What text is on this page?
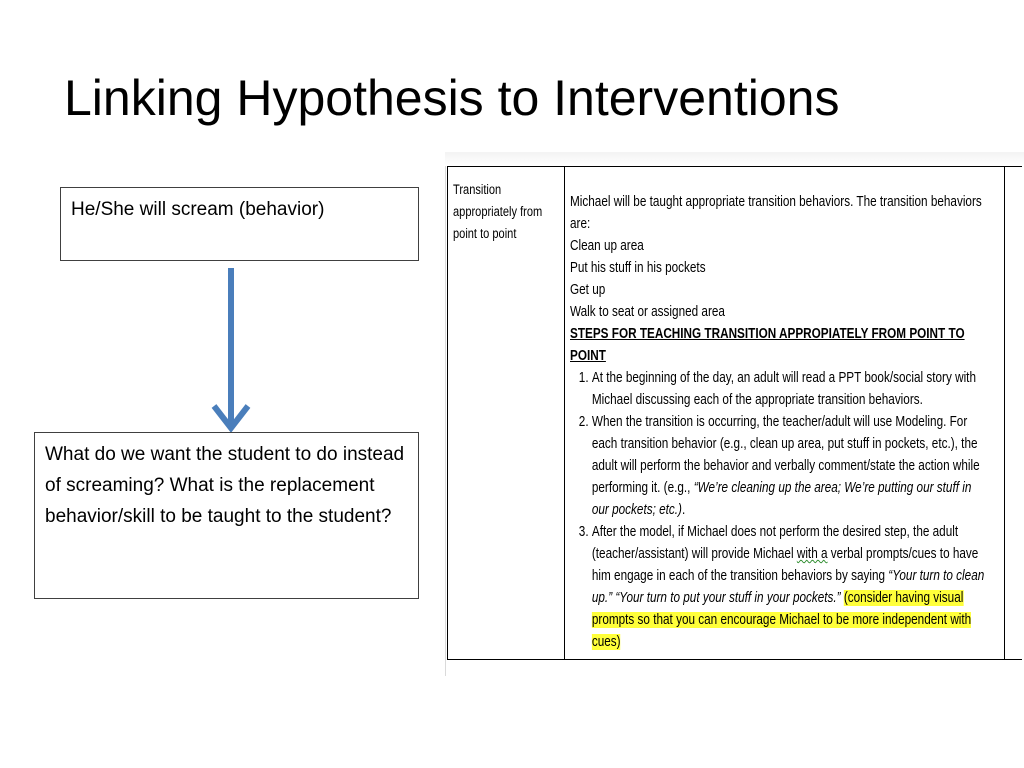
Linking Hypothesis to Interventions
He/She will scream (behavior)
What do we want the student to do instead of screaming? What is the replacement behavior/skill to be taught to the student?
Transition appropriately from point to point

Michael will be taught appropriate transition behaviors. The transition behaviors are:

Clean up area

Put his stuff in his pockets

Get up

Walk to seat or assigned area

STEPS FOR TEACHING TRANSITION APPROPIATELY FROM POINT TO POINT

1. At the beginning of the day, an adult will read a PPT book/social story with Michael discussing each of the appropriate transition behaviors.
2. When the transition is occurring, the teacher/adult will use Modeling. For each transition behavior (e.g., clean up area, put stuff in pockets, etc.), the adult will perform the behavior and verbally comment/state the action while performing it. (e.g., “We’re cleaning up the area; We’re putting our stuff in our pockets; etc.).
3. After the model, if Michael does not perform the desired step, the adult (teacher/assistant) will provide Michael with a verbal prompts/cues to have him engage in each of the transition behaviors by saying “Your turn to clean up.” “Your turn to put your stuff in your pockets.” (consider having visual prompts so that you can encourage Michael to be more independent with cues)
